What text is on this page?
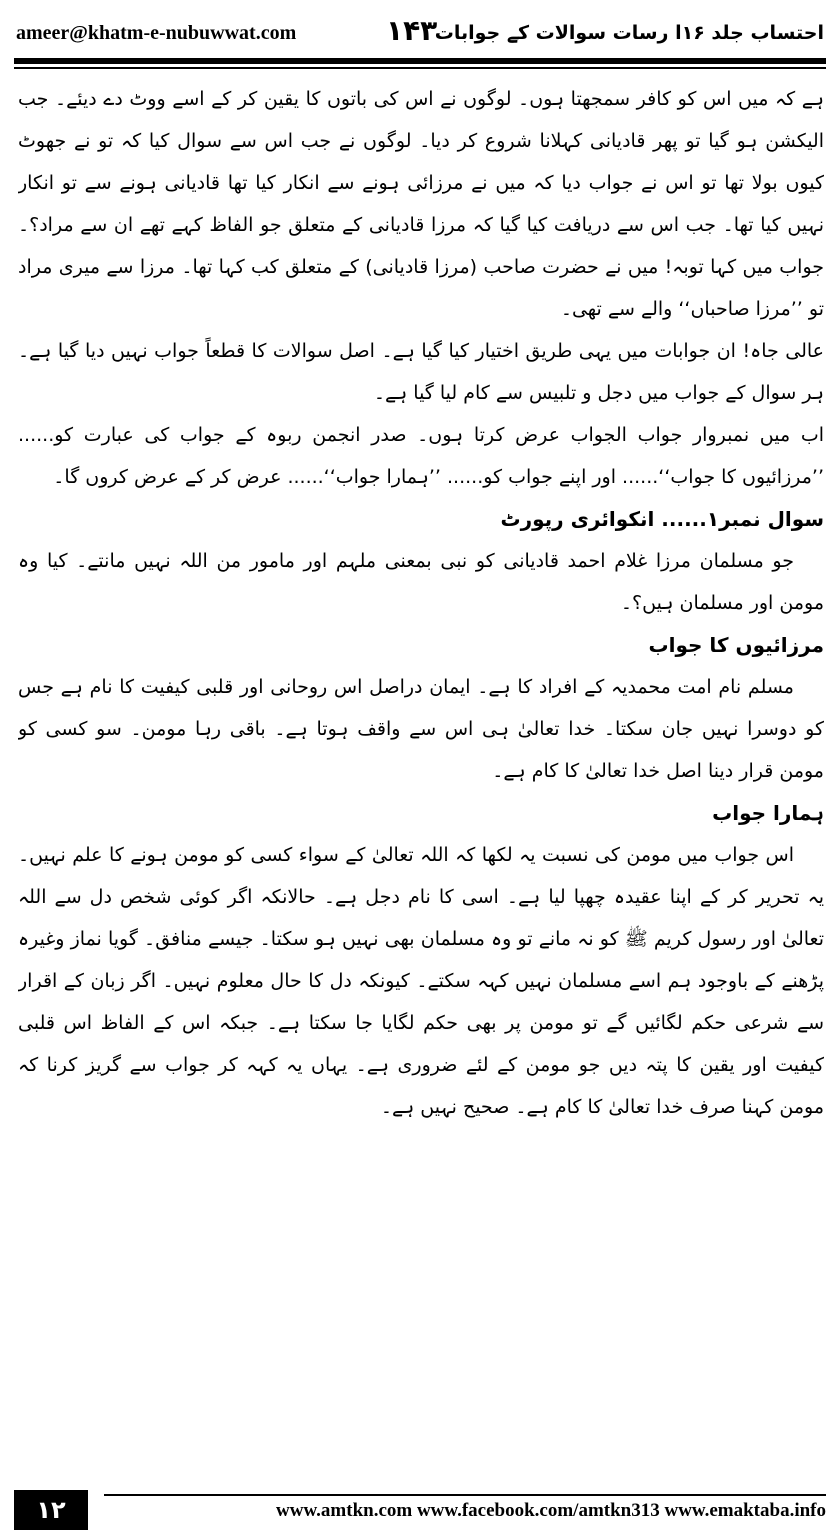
ameer@khatm-e-nubuwwat.com	۱۴۳
احتساب جلد ۱۶ا رسات سوالات کے جوابات

ہے کہ میں اس کو کافر سمجھتا ہوں۔ لوگوں نے اس کی باتوں کا یقین کر کے اسے ووٹ دے دیئے۔ جب الیکشن ہو گیا تو پھر قادیانی کہلانا شروع کر دیا۔ لوگوں نے جب اس سے سوال کیا کہ تو نے جھوٹ کیوں بولا تھا تو اس نے جواب دیا کہ میں نے مرزائی ہونے سے انکار کیا تھا قادیانی ہونے سے تو انکار نہیں کیا تھا۔ جب اس سے دریافت کیا گیا کہ مرزا قادیانی کے متعلق جو الفاظ کہے تھے ان سے مراد؟۔ جواب میں کہا توبہ! میں نے حضرت صاحب (مرزا قادیانی) کے متعلق کب کہا تھا۔ مرزا سے میری مراد تو ’’مرزا صاحباں‘‘ والے سے تھی۔

عالی جاہ! ان جوابات میں یہی طریق اختیار کیا گیا ہے۔ اصل سوالات کا قطعاً جواب نہیں دیا گیا ہے۔ ہر سوال کے جواب میں دجل و تلبیس سے کام لیا گیا ہے۔

اب میں نمبروار جواب الجواب عرض کرتا ہوں۔ صدر انجمن ربوہ کے جواب کی عبارت کو...... ’’مرزائیوں کا جواب‘‘...... اور اپنے جواب کو...... ’’ہمارا جواب‘‘...... عرض کر کے عرض کروں گا۔

سوال نمبر۱...... انکوائری رپورٹ

جو مسلمان مرزا غلام احمد قادیانی کو نبی بمعنی ملہم اور مامور من اللہ نہیں مانتے۔ کیا وہ مومن اور مسلمان ہیں؟۔

مرزائیوں کا جواب

مسلم نام امت محمدیہ کے افراد کا ہے۔ ایمان دراصل اس روحانی اور قلبی کیفیت کا نام ہے جس کو دوسرا نہیں جان سکتا۔ خدا تعالیٰ ہی اس سے واقف ہوتا ہے۔ باقی رہا مومن۔ سو کسی کو مومن قرار دینا اصل خدا تعالیٰ کا کام ہے۔

ہمارا جواب

اس جواب میں مومن کی نسبت یہ لکھا کہ اللہ تعالیٰ کے سواء کسی کو مومن ہونے کا علم نہیں۔ یہ تحریر کر کے اپنا عقیدہ چھپا لیا ہے۔ اسی کا نام دجل ہے۔ حالانکہ اگر کوئی شخص دل سے اللہ تعالیٰ اور رسول کریم ﷺ کو نہ مانے تو وہ مسلمان بھی نہیں ہو سکتا۔ جیسے منافق۔ گویا نماز وغیرہ پڑھنے کے باوجود ہم اسے مسلمان نہیں کہہ سکتے۔ کیونکہ دل کا حال معلوم نہیں۔ اگر زبان کے اقرار سے شرعی حکم لگائیں گے تو مومن پر بھی حکم لگایا جا سکتا ہے۔ جبکہ اس کے الفاظ اس قلبی کیفیت اور یقین کا پتہ دیں جو مومن کے لئے ضروری ہے۔ یہاں یہ کہہ کر جواب سے گریز کرنا کہ مومن کہنا صرف خدا تعالیٰ کا کام ہے۔ صحیح نہیں ہے۔

۱۲	www.amtkn.com www.facebook.com/amtkn313 www.emaktaba.info
